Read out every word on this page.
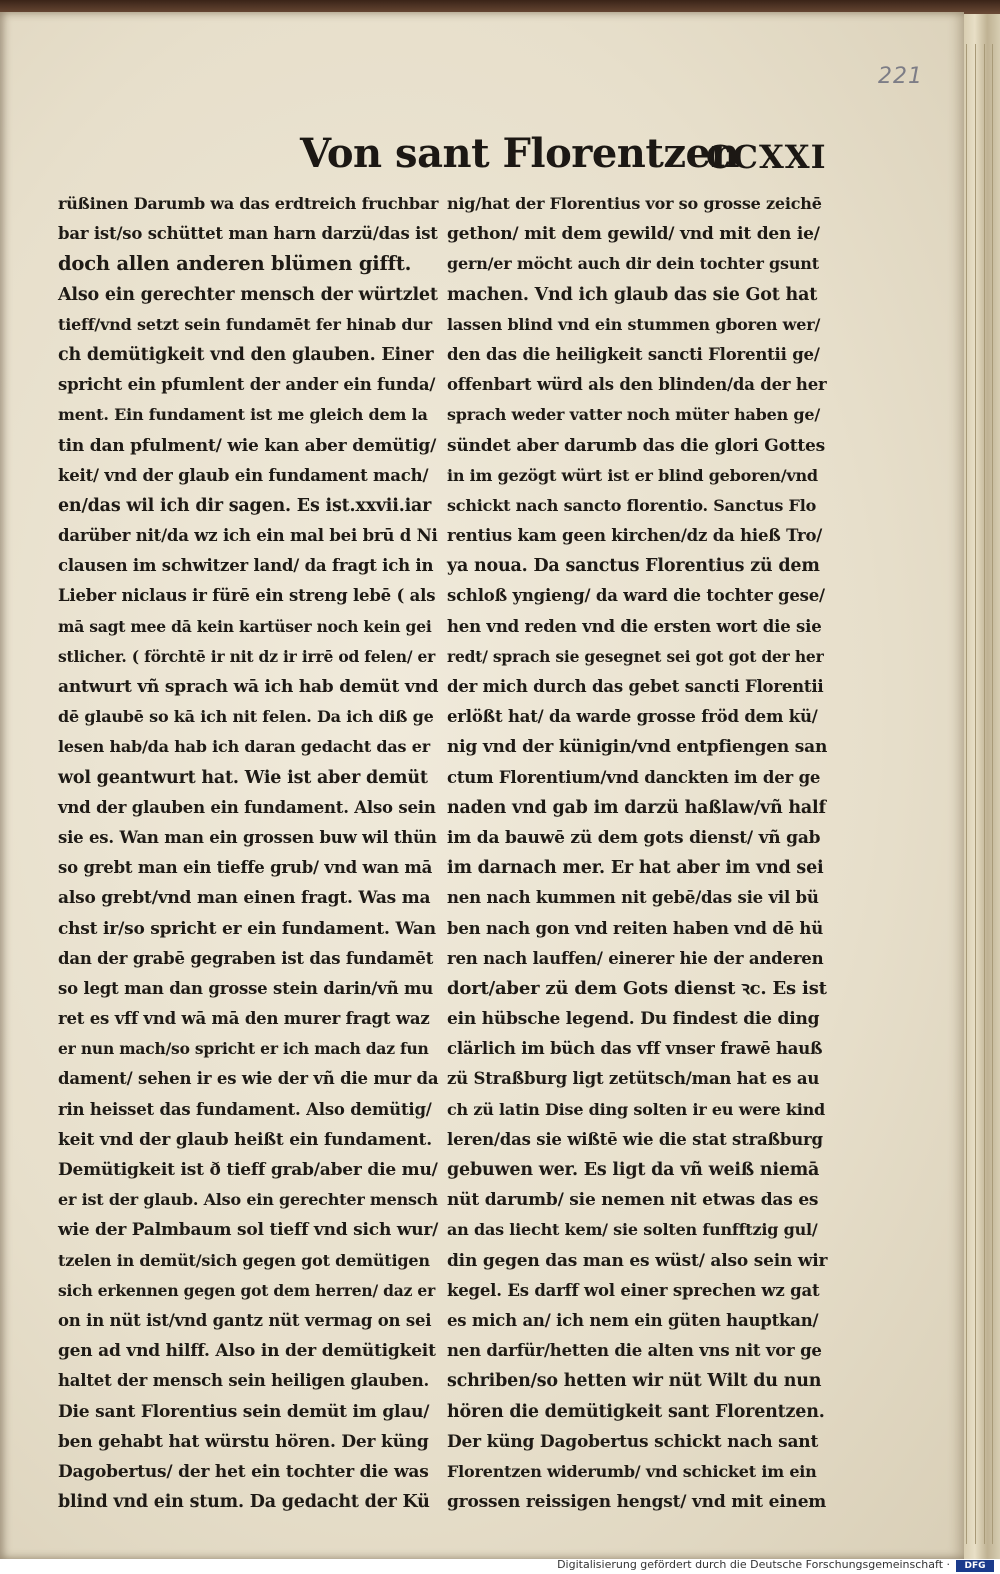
221
Von sant Florentzen
CCXXI
rüßinen Darumb wa das erdtreich fruchbar
bar ist/so schüttet man harn darzü/das ist
doch allen anderen blümen gifft.
Also ein gerechter mensch der würtzlet
tieff/vnd setzt sein fundamēt fer hinab dur
ch demütigkeit vnd den glauben. Einer
spricht ein pfumlent der ander ein funda/
ment. Ein fundament ist me gleich dem la
tin dan pfulment/ wie kan aber demütig/
keit/ vnd der glaub ein fundament mach/
en/das wil ich dir sagen. Es ist.xxvii.iar
darüber nit/da wz ich ein mal bei brū d Ni
clausen im schwitzer land/ da fragt ich in
Lieber niclaus ir fürē ein streng lebē ( als
mā sagt mee dā kein kartüser noch kein gei
stlicher. ( förchtē ir nit dz ir irrē od felen/ er
antwurt vñ sprach wā ich hab demüt vnd
dē glaubē so kā ich nit felen. Da ich diß ge
lesen hab/da hab ich daran gedacht das er
wol geantwurt hat. Wie ist aber demüt
vnd der glauben ein fundament. Also sein
sie es. Wan man ein grossen buw wil thün
so grebt man ein tieffe grub/ vnd wan mā
also grebt/vnd man einen fragt. Was ma
chst ir/so spricht er ein fundament. Wan
dan der grabē gegraben ist das fundamēt
so legt man dan grosse stein darin/vñ mu
ret es vff vnd wā mā den murer fragt waz
er nun mach/so spricht er ich mach daz fun
dament/ sehen ir es wie der vñ die mur da
rin heisset das fundament. Also demütig/
keit vnd der glaub heißt ein fundament.
Demütigkeit ist ð tieff grab/aber die mu/
er ist der glaub. Also ein gerechter mensch
wie der Palmbaum sol tieff vnd sich wur/
tzelen in demüt/sich gegen got demütigen
sich erkennen gegen got dem herren/ daz er
on in nüt ist/vnd gantz nüt vermag on sei
gen ad vnd hilff. Also in der demütigkeit
haltet der mensch sein heiligen glauben.
Die sant Florentius sein demüt im glau/
ben gehabt hat würstu hören. Der küng
Dagobertus/ der het ein tochter die was
blind vnd ein stum. Da gedacht der Kü
nig/hat der Florentius vor so grosse zeichē
gethon/ mit dem gewild/ vnd mit den ie/
gern/er möcht auch dir dein tochter gsunt
machen. Vnd ich glaub das sie Got hat
lassen blind vnd ein stummen gboren wer/
den das die heiligkeit sancti Florentii ge/
offenbart würd als den blinden/da der her
sprach weder vatter noch müter haben ge/
sündet aber darumb das die glori Gottes
in im gezögt würt ist er blind geboren/vnd
schickt nach sancto florentio. Sanctus Flo
rentius kam geen kirchen/dz da hieß Tro/
ya noua. Da sanctus Florentius zü dem
schloß yngieng/ da ward die tochter gese/
hen vnd reden vnd die ersten wort die sie
redt/ sprach sie gesegnet sei got got der her
der mich durch das gebet sancti Florentii
erlößt hat/ da warde grosse fröd dem kü/
nig vnd der künigin/vnd entpfiengen san
ctum Florentium/vnd danckten im der ge
naden vnd gab im darzü haßlaw/vñ half
im da bauwē zü dem gots dienst/ vñ gab
im darnach mer. Er hat aber im vnd sei
nen nach kummen nit gebē/das sie vil bü
ben nach gon vnd reiten haben vnd dē hü
ren nach lauffen/ einerer hie der anderen
dort/aber zü dem Gots dienst ꝛc. Es ist
ein hübsche legend. Du findest die ding
clärlich im büch das vff vnser frawē hauß
zü Straßburg ligt zetütsch/man hat es au
ch zü latin Dise ding solten ir eu were kind
leren/das sie wißtē wie die stat straßburg
gebuwen wer. Es ligt da vñ weiß niemā
nüt darumb/ sie nemen nit etwas das es
an das liecht kem/ sie solten funfftzig gul/
din gegen das man es wüst/ also sein wir
kegel. Es darff wol einer sprechen wz gat
es mich an/ ich nem ein güten hauptkan/
nen darfür/hetten die alten vns nit vor ge
schriben/so hetten wir nüt Wilt du nun
hören die demütigkeit sant Florentzen.
Der küng Dagobertus schickt nach sant
Florentzen widerumb/ vnd schicket im ein
grossen reissigen hengst/ vnd mit einem
Digitalisierung gefördert durch die Deutsche Forschungsgemeinschaft ·	DFG
